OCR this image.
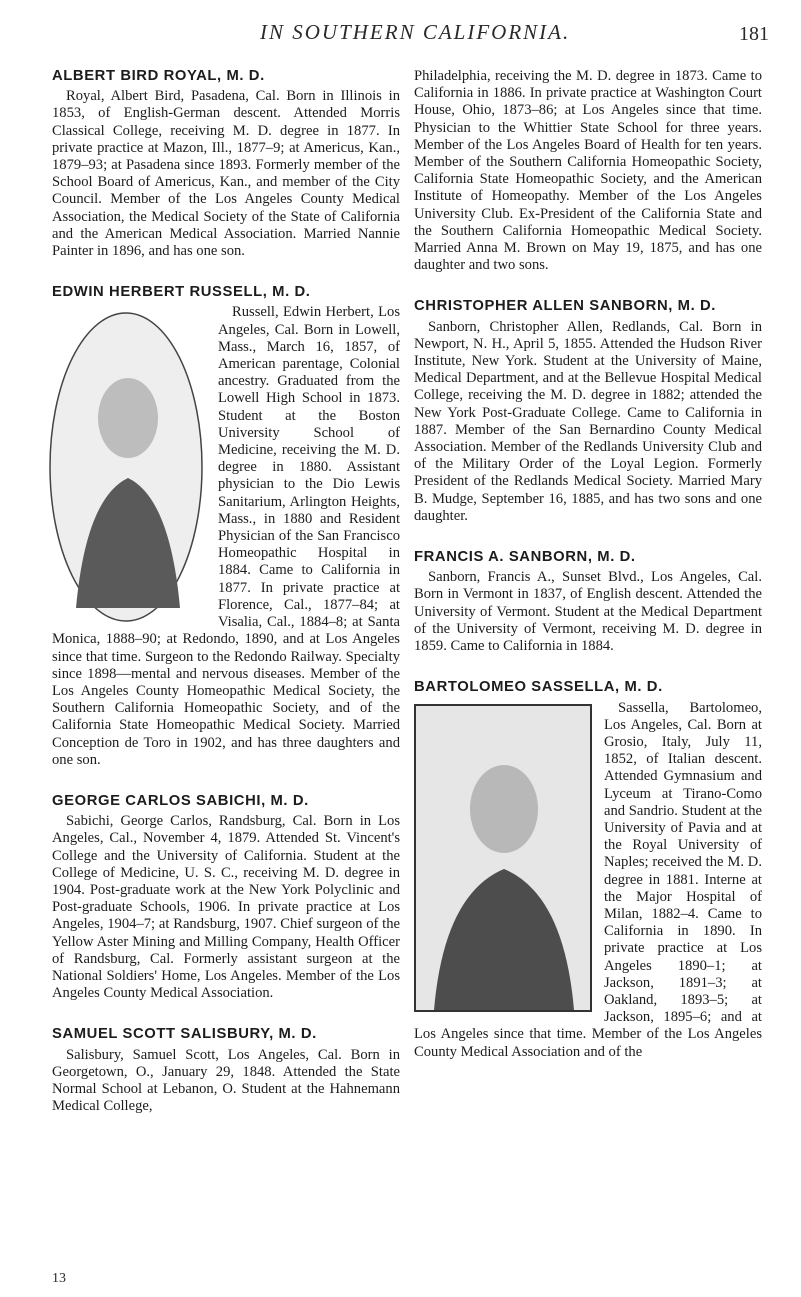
IN SOUTHERN CALIFORNIA.	181
ALBERT BIRD ROYAL, M. D.

Royal, Albert Bird, Pasadena, Cal. Born in Illinois in 1853, of English-German descent. Attended Morris Classical College, receiving M. D. degree in 1877. In private practice at Mazon, Ill., 1877–9; at Americus, Kan., 1879–93; at Pasadena since 1893. Formerly member of the School Board of Americus, Kan., and member of the City Council. Member of the Los Angeles County Medical Association, the Medical Society of the State of California and the American Medical Association. Married Nannie Painter in 1896, and has one son.

EDWIN HERBERT RUSSELL, M. D.

Russell, Edwin Herbert, Los Angeles, Cal. Born in Lowell, Mass., March 16, 1857, of American parentage, Colonial ancestry. Graduated from the Lowell High School in 1873. Student at the Boston University School of Medicine, receiving the M. D. degree in 1880. Assistant physician to the Dio Lewis Sanitarium, Arlington Heights, Mass., in 1880 and Resident Physician of the San Francisco Homeopathic Hospital in 1884. Came to California in 1877. In private practice at Florence, Cal., 1877–84; at Visalia, Cal., 1884–8; at Santa Monica, 1888–90; at Redondo, 1890, and at Los Angeles since that time. Surgeon to the Redondo Railway. Specialty since 1898—mental and nervous diseases. Member of the Los Angeles County Homeopathic Medical Society, the Southern California Homeopathic Society, and of the California State Homeopathic Medical Society. Married Conception de Toro in 1902, and has three daughters and one son.

GEORGE CARLOS SABICHI, M. D.

Sabichi, George Carlos, Randsburg, Cal. Born in Los Angeles, Cal., November 4, 1879. Attended St. Vincent's College and the University of California. Student at the College of Medicine, U. S. C., receiving M. D. degree in 1904. Post-graduate work at the New York Polyclinic and Post-graduate Schools, 1906. In private practice at Los Angeles, 1904–7; at Randsburg, 1907. Chief surgeon of the Yellow Aster Mining and Milling Company, Health Officer of Randsburg, Cal. Formerly assistant surgeon at the National Soldiers' Home, Los Angeles. Member of the Los Angeles County Medical Association.

SAMUEL SCOTT SALISBURY, M. D.

Salisbury, Samuel Scott, Los Angeles, Cal. Born in Georgetown, O., January 29, 1848. Attended the State Normal School at Lebanon, O. Student at the Hahnemann Medical College,

Philadelphia, receiving the M. D. degree in 1873. Came to California in 1886. In private practice at Washington Court House, Ohio, 1873–86; at Los Angeles since that time. Physician to the Whittier State School for three years. Member of the Los Angeles Board of Health for ten years. Member of the Southern California Homeopathic Society, California State Homeopathic Society, and the American Institute of Homeopathy. Member of the Los Angeles University Club. Ex-President of the California State and the Southern California Homeopathic Medical Society. Married Anna M. Brown on May 19, 1875, and has one daughter and two sons.

CHRISTOPHER ALLEN SANBORN, M. D.

Sanborn, Christopher Allen, Redlands, Cal. Born in Newport, N. H., April 5, 1855. Attended the Hudson River Institute, New York. Student at the University of Maine, Medical Department, and at the Bellevue Hospital Medical College, receiving the M. D. degree in 1882; attended the New York Post-Graduate College. Came to California in 1887. Member of the San Bernardino County Medical Association. Member of the Redlands University Club and of the Military Order of the Loyal Legion. Formerly President of the Redlands Medical Society. Married Mary B. Mudge, September 16, 1885, and has two sons and one daughter.

FRANCIS A. SANBORN, M. D.

Sanborn, Francis A., Sunset Blvd., Los Angeles, Cal. Born in Vermont in 1837, of English descent. Attended the University of Vermont. Student at the Medical Department of the University of Vermont, receiving M. D. degree in 1859. Came to California in 1884.

BARTOLOMEO SASSELLA, M. D.

Sassella, Bartolomeo, Los Angeles, Cal. Born at Grosio, Italy, July 11, 1852, of Italian descent. Attended Gymnasium and Lyceum at Tirano-Como and Sandrio. Student at the University of Pavia and at the Royal University of Naples; received the M. D. degree in 1881. Interne at the Major Hospital of Milan, 1882–4. Came to California in 1890. In private practice at Los Angeles 1890–1; at Jackson, 1891–3; at Oakland, 1893–5; at Jackson, 1895–6; and at Los Angeles since that time. Member of the Los Angeles County Medical Association and of the

13
